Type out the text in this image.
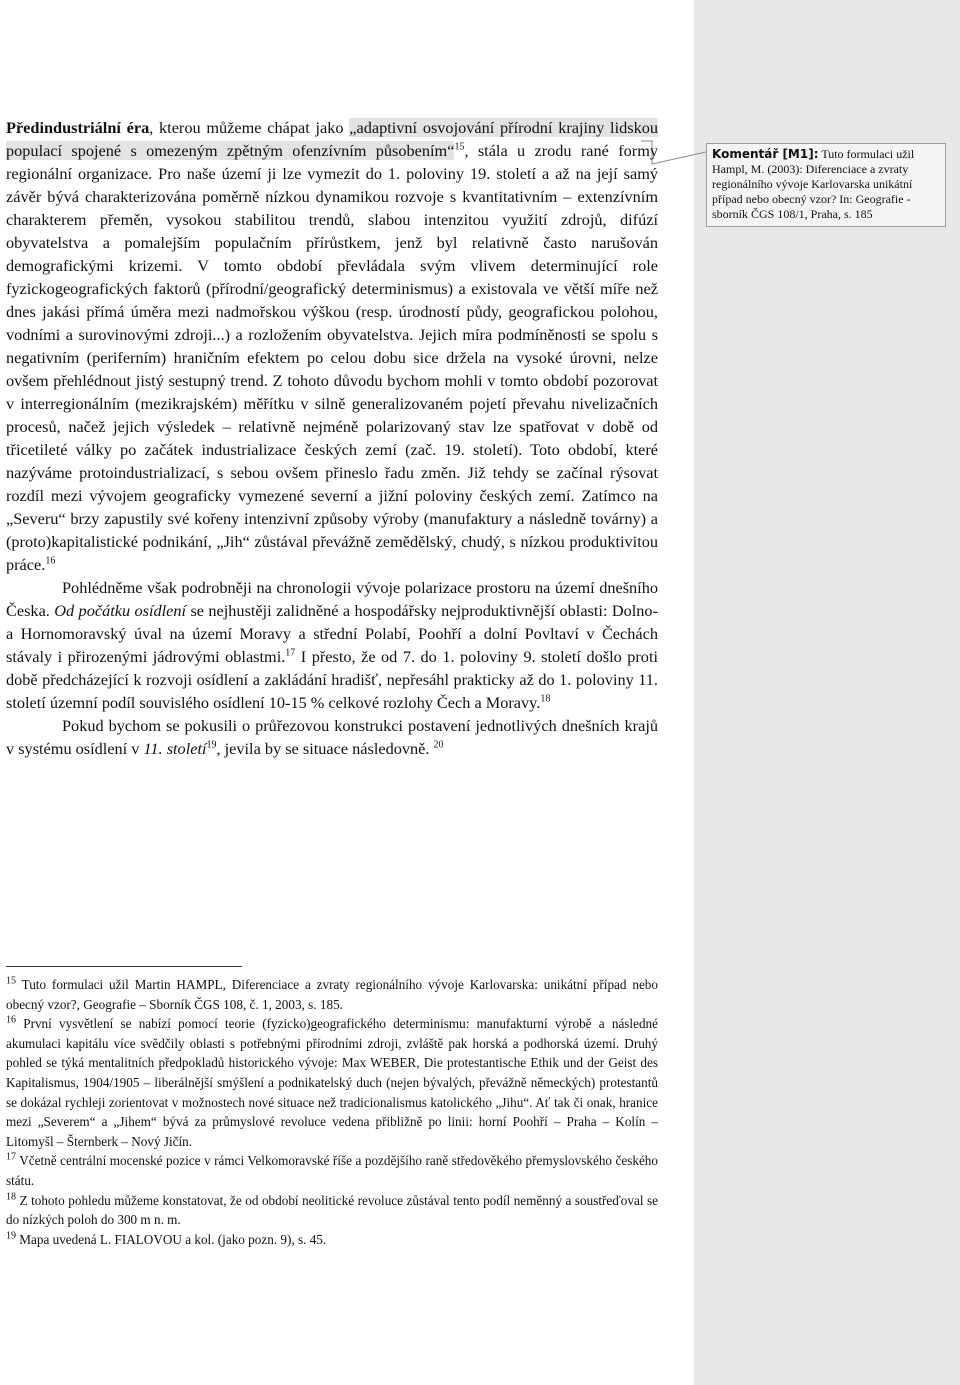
Komentář [M1]: Tuto formulaci užil Hampl, M. (2003): Diferenciace a zvraty regionálního vývoje Karlovarska unikátní případ nebo obecný vzor? In: Geografie - sborník ČGS 108/1, Praha, s. 185

Předindustriální éra, kterou můžeme chápat jako „adaptivní osvojování přírodní krajiny lidskou populací spojené s omezeným zpětným ofenzívním působením“$^{15}$, stála u zrodu rané formy regionální organizace. Pro naše území ji lze vymezit do 1. poloviny 19. století a až na její samý závěr bývá charakterizována poměrně nízkou dynamikou rozvoje s kvantitativním – extenzívním charakterem přeměn, vysokou stabilitou trendů, slabou intenzitou využití zdrojů, difúzí obyvatelstva a pomalejším populačním přírůstkem, jenž byl relativně často narušován demografickými krizemi. V tomto období převládala svým vlivem determinující role fyzickogeografických faktorů (přírodní/geografický determinismus) a existovala ve větší míře než dnes jakási přímá úměra mezi nadmořskou výškou (resp. úrodností půdy, geografickou polohou, vodními a surovinovými zdroji...) a rozložením obyvatelstva. Jejich míra podmíněnosti se spolu s negativním (periferním) hraničním efektem po celou dobu sice držela na vysoké úrovni, nelze ovšem přehlédnout jistý sestupný trend. Z tohoto důvodu bychom mohli v tomto období pozorovat v interregionálním (mezikrajském) měřítku v silně generalizovaném pojetí převahu nivelizačních procesů, načež jejich výsledek – relativně nejméně polarizovaný stav lze spatřovat v době od třicetileté války po začátek industrializace českých zemí (zač. 19. století). Toto období, které nazýváme protoindustrializací, s sebou ovšem přineslo řadu změn. Již tehdy se začínal rýsovat rozdíl mezi vývojem geograficky vymezené severní a jižní poloviny českých zemí. Zatímco na „Severu“ brzy zapustily své kořeny intenzivní způsoby výroby (manufaktury a následně továrny) a (proto)kapitalistické podnikání, „Jih“ zůstával převážně zemědělský, chudý, s nízkou produktivitou práce.$^{16}$

Pohlédněme však podrobněji na chronologii vývoje polarizace prostoru na území dnešního Česka. Od počátku osídlení se nejhustěji zalidněné a hospodářsky nejproduktivnější oblasti: Dolno- a Hornomoravský úval na území Moravy a střední Polabí, Poohří a dolní Povltaví v Čechách stávaly i přirozenými jádrovými oblastmi.$^{17}$ I přesto, že od 7. do 1. poloviny 9. století došlo proti době předcházející k rozvoji osídlení a zakládání hradišť, nepřesáhl prakticky až do 1. poloviny 11. století územní podíl souvislého osídlení 10-15 % celkové rozlohy Čech a Moravy.$^{18}$

Pokud bychom se pokusili o průřezovou konstrukci postavení jednotlivých dnešních krajů v systému osídlení v 11. století$^{19}$, jevila by se situace následovně. $^{20}$

$^{15}$ Tuto formulaci užil Martin HAMPL, Diferenciace a zvraty regionálního vývoje Karlovarska: unikátní případ nebo obecný vzor?, Geografie – Sborník ČGS 108, č. 1, 2003, s. 185.

$^{16}$ První vysvětlení se nabízí pomocí teorie (fyzicko)geografického determinismu: manufakturní výrobě a následné akumulaci kapitálu více svědčily oblasti s potřebnými přírodními zdroji, zvláště pak horská a podhorská území. Druhý pohled se týká mentalitních předpokladů historického vývoje: Max WEBER, Die protestantische Ethik und der Geist des Kapitalismus, 1904/1905 – liberálnější smýšlení a podnikatelský duch (nejen bývalých, převážně německých) protestantů se dokázal rychleji zorientovat v možnostech nové situace než tradicionalismus katolického „Jihu“. Ať tak či onak, hranice mezi „Severem“ a „Jihem“ bývá za průmyslové revoluce vedena přibližně po linii: horní Poohří – Praha – Kolín – Litomyšl – Šternberk – Nový Jičín.

$^{17}$ Včetně centrální mocenské pozice v rámci Velkomoravské říše a pozdějšího raně středověkého přemyslovského českého státu.

$^{18}$ Z tohoto pohledu můžeme konstatovat, že od období neolitické revoluce zůstával tento podíl neměnný a soustřeďoval se do nízkých poloh do 300 m n. m.

$^{19}$ Mapa uvedená L. FIALOVOU a kol. (jako pozn. 9), s. 45.
